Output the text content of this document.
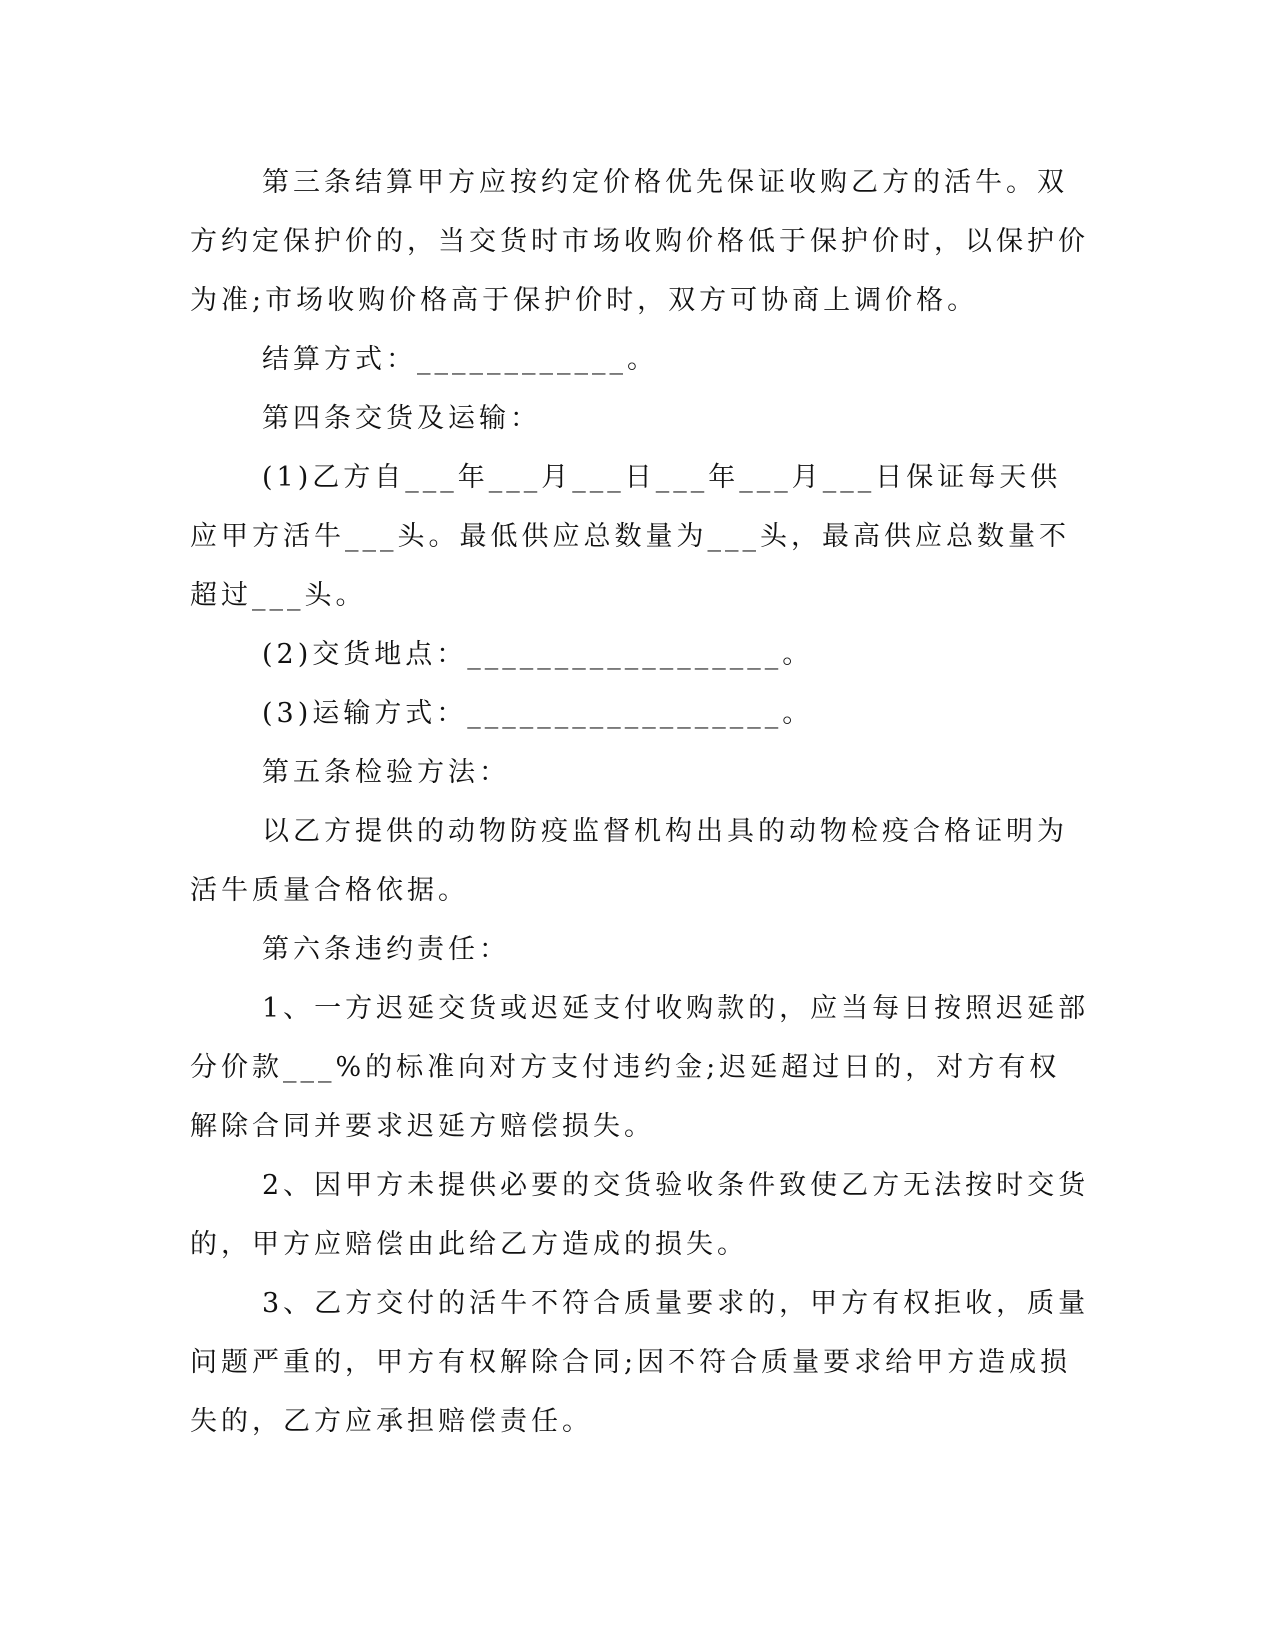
第三条结算甲方应按约定价格优先保证收购乙方的活牛。双方约定保护价的，当交货时市场收购价格低于保护价时，以保护价为准;市场收购价格高于保护价时，双方可协商上调价格。

结算方式：____________。

第四条交货及运输：

(1)乙方自___年___月___日___年___月___日保证每天供应甲方活牛___头。最低供应总数量为___头，最高供应总数量不超过___头。

(2)交货地点：__________________。

(3)运输方式：__________________。

第五条检验方法：

以乙方提供的动物防疫监督机构出具的动物检疫合格证明为活牛质量合格依据。

第六条违约责任：

1、一方迟延交货或迟延支付收购款的，应当每日按照迟延部分价款___%的标准向对方支付违约金;迟延超过日的，对方有权解除合同并要求迟延方赔偿损失。

2、因甲方未提供必要的交货验收条件致使乙方无法按时交货的，甲方应赔偿由此给乙方造成的损失。

3、乙方交付的活牛不符合质量要求的，甲方有权拒收，质量问题严重的，甲方有权解除合同;因不符合质量要求给甲方造成损失的，乙方应承担赔偿责任。
